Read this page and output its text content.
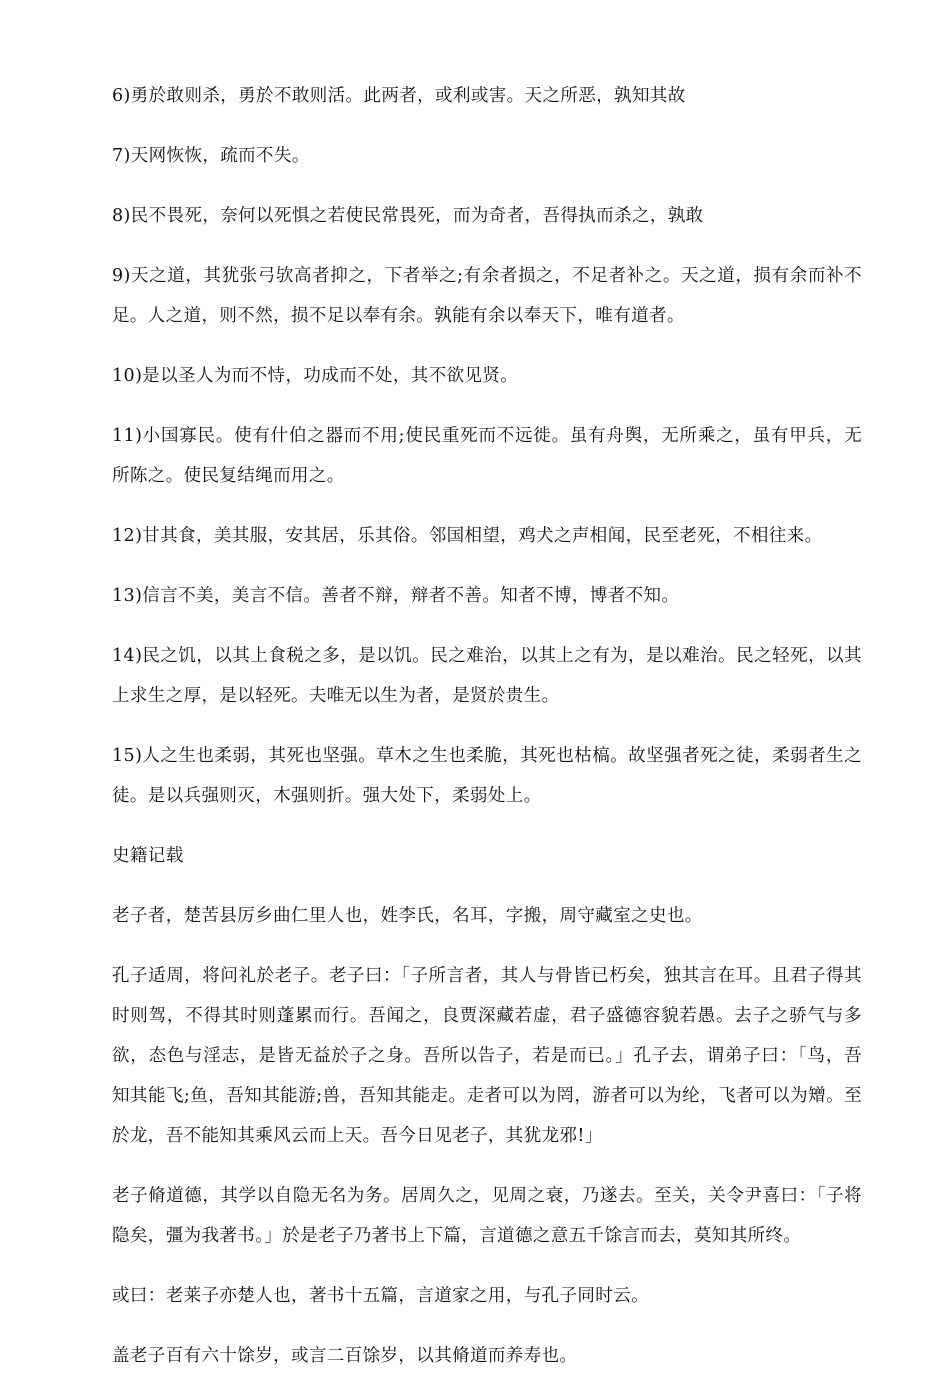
6)勇於敢则杀，勇於不敢则活。此两者，或利或害。天之所恶，孰知其故

7)天网恢恢，疏而不失。

8)民不畏死，奈何以死惧之若使民常畏死，而为奇者，吾得执而杀之，孰敢

9)天之道，其犹张弓欤高者抑之，下者举之;有余者损之，不足者补之。天之道，损有余而补不足。人之道，则不然，损不足以奉有余。孰能有余以奉天下，唯有道者。

10)是以圣人为而不恃，功成而不处，其不欲见贤。

11)小国寡民。使有什伯之器而不用;使民重死而不远徙。虽有舟舆，无所乘之，虽有甲兵，无所陈之。使民复结绳而用之。

12)甘其食，美其服，安其居，乐其俗。邻国相望，鸡犬之声相闻，民至老死，不相往来。

13)信言不美，美言不信。善者不辩，辩者不善。知者不博，博者不知。

14)民之饥，以其上食税之多，是以饥。民之难治，以其上之有为，是以难治。民之轻死，以其上求生之厚，是以轻死。夫唯无以生为者，是贤於贵生。

15)人之生也柔弱，其死也坚强。草木之生也柔脆，其死也枯槁。故坚强者死之徒，柔弱者生之徒。是以兵强则灭，木强则折。强大处下，柔弱处上。

史籍记载

老子者，楚苦县厉乡曲仁里人也，姓李氏，名耳，字搬，周守藏室之史也。

孔子适周，将问礼於老子。老子曰：「子所言者，其人与骨皆已朽矣，独其言在耳。且君子得其时则驾，不得其时则蓬累而行。吾闻之，良贾深藏若虚，君子盛德容貌若愚。去子之骄气与多欲，态色与淫志，是皆无益於子之身。吾所以告子，若是而已。」孔子去，谓弟子曰：「鸟，吾知其能飞;鱼，吾知其能游;兽，吾知其能走。走者可以为罔，游者可以为纶，飞者可以为矰。至於龙，吾不能知其乘风云而上天。吾今日见老子，其犹龙邪!」

老子脩道德，其学以自隐无名为务。居周久之，见周之衰，乃遂去。至关，关令尹喜曰：「子将隐矣，彊为我著书。」於是老子乃著书上下篇，言道德之意五千馀言而去，莫知其所终。

或曰：老莱子亦楚人也，著书十五篇，言道家之用，与孔子同时云。

盖老子百有六十馀岁，或言二百馀岁，以其脩道而养寿也。
